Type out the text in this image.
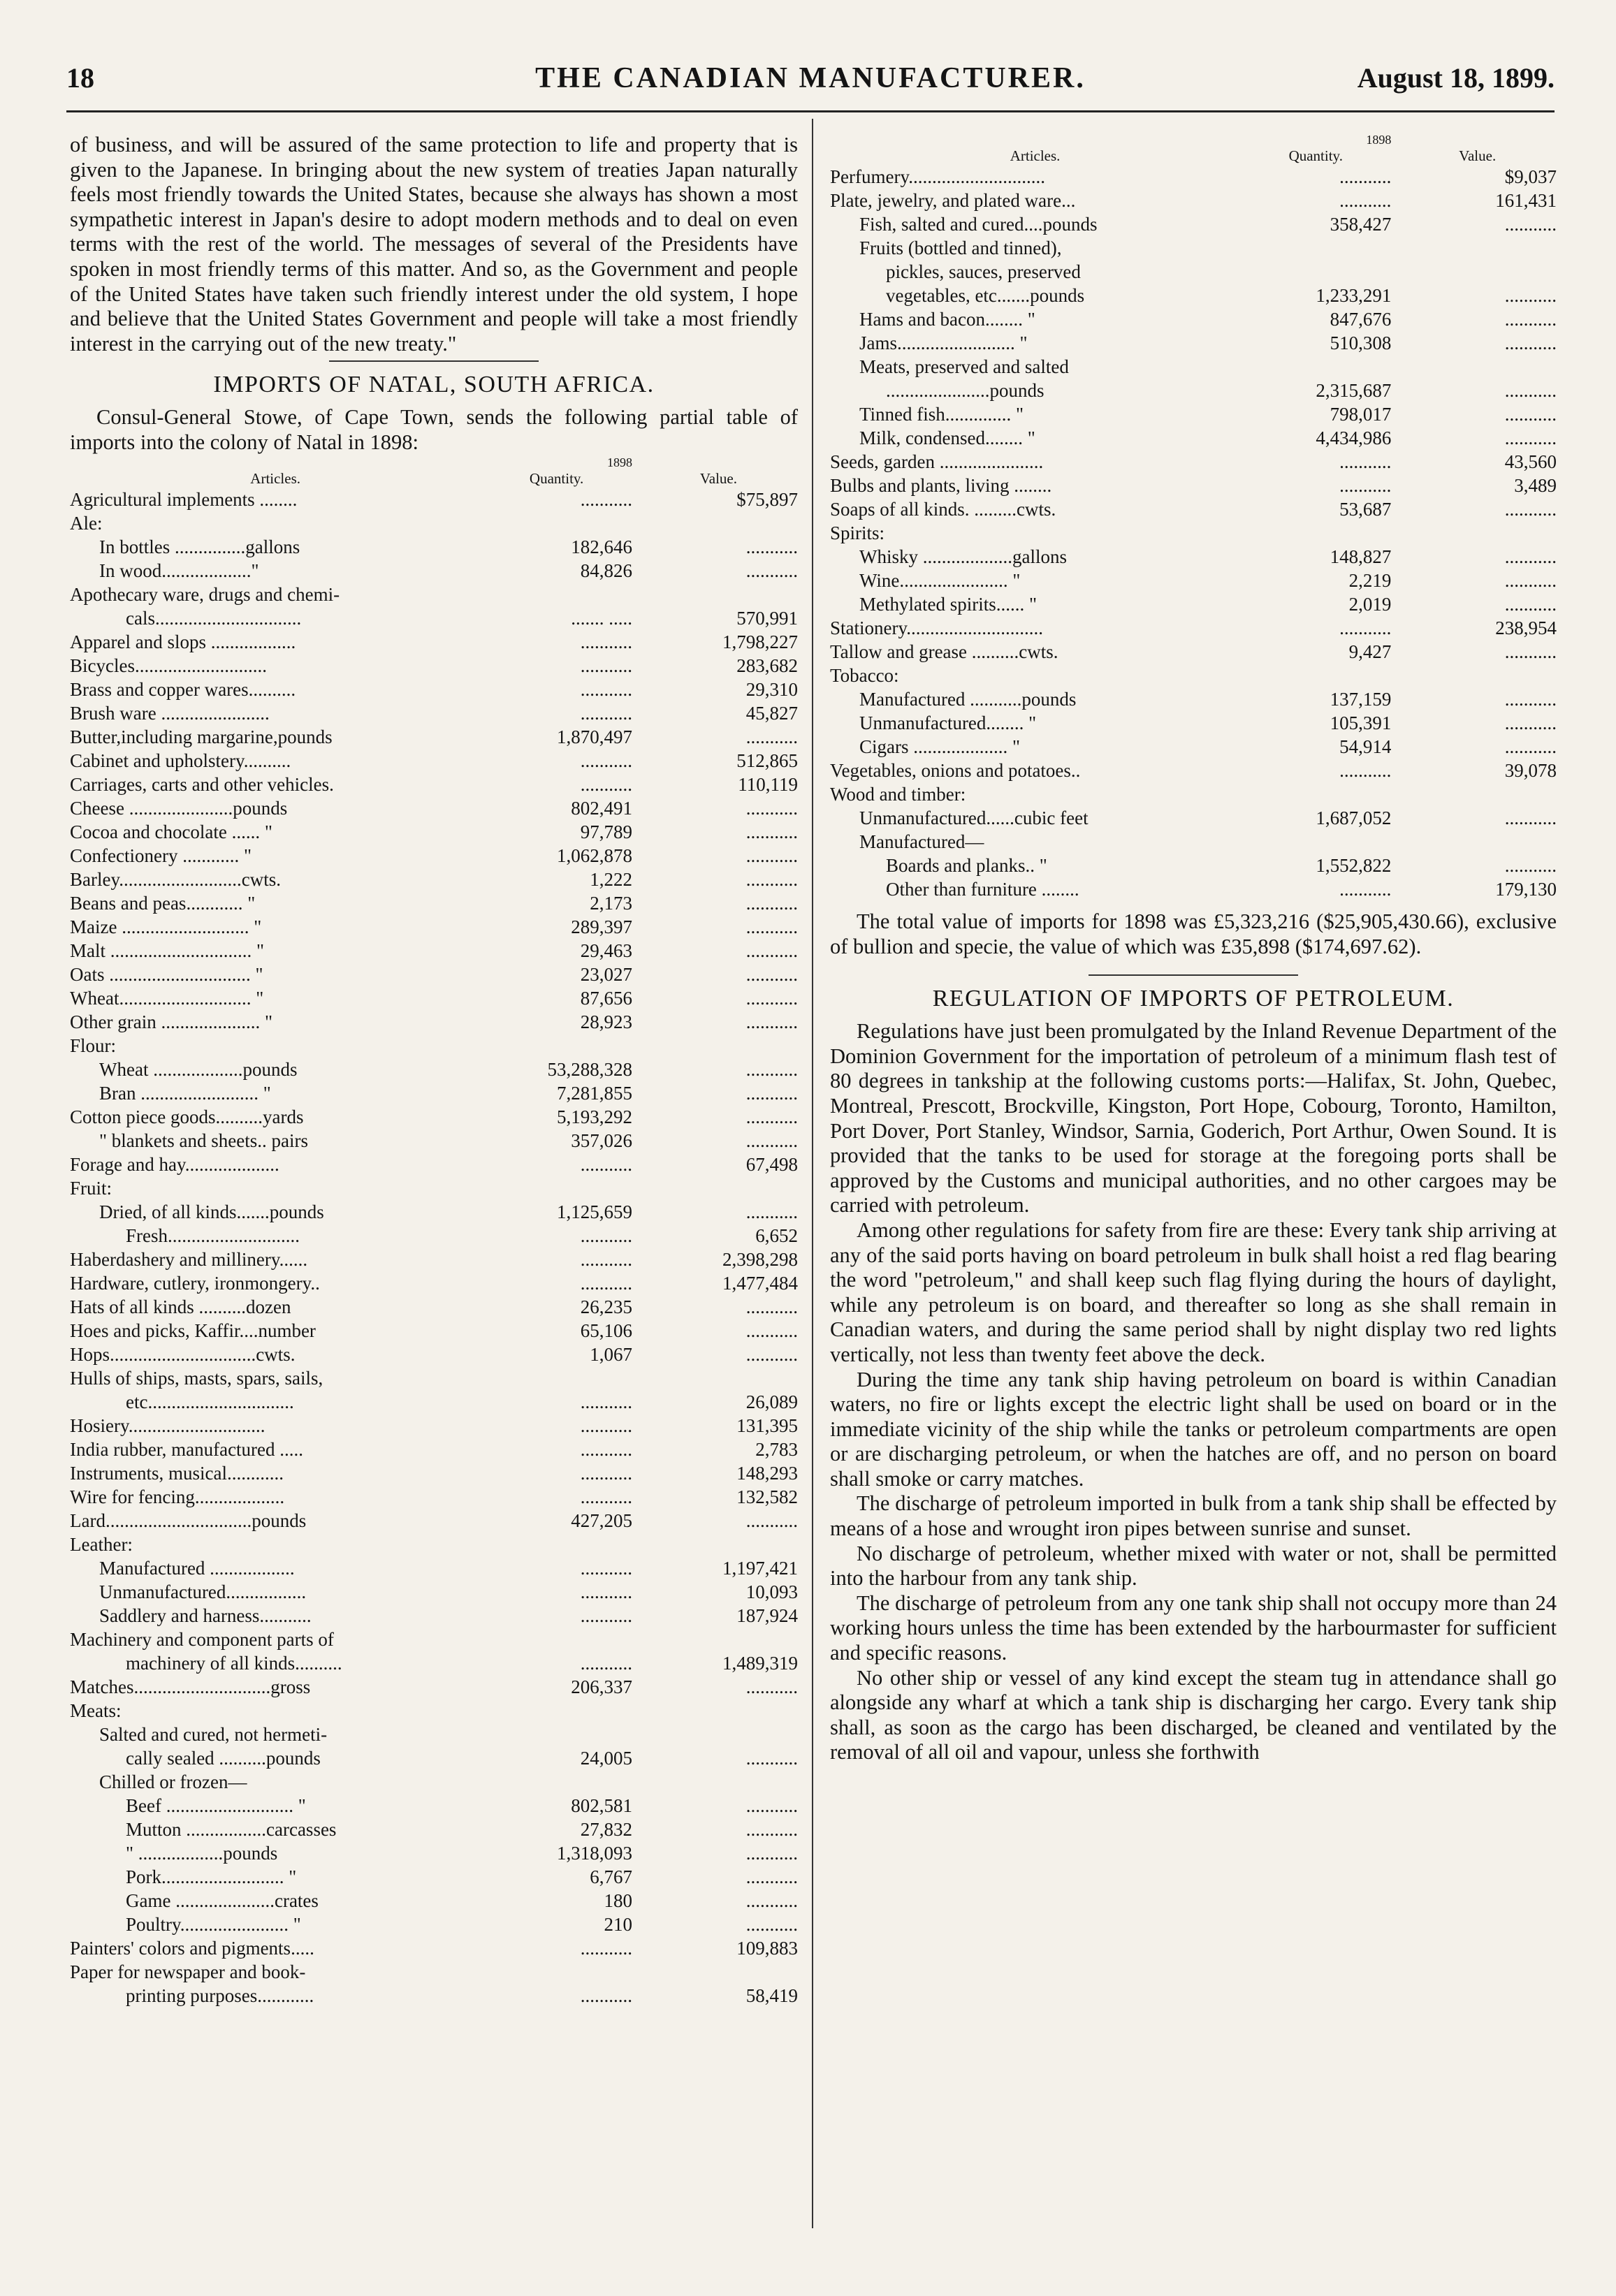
18	THE CANADIAN MANUFACTURER.	August 18, 1899.

of business, and will be assured of the same protection to life and property that is given to the Japanese. In bringing about the new system of treaties Japan naturally feels most friendly towards the United States, because she always has shown a most sympathetic interest in Japan's desire to adopt modern methods and to deal on even terms with the rest of the world. The messages of several of the Presidents have spoken in most friendly terms of this matter. And so, as the Government and people of the United States have taken such friendly interest under the old system, I hope and believe that the United States Government and people will take a most friendly interest in the carrying out of the new treaty."

IMPORTS OF NATAL, SOUTH AFRICA.

Consul-General Stowe, of Cape Town, sends the following partial table of imports into the colony of Natal in 1898:

Articles.	1898
Quantity.	Value.
Agricultural implements ........	...........	$75,897
Ale:		
In bottles ...............gallons	182,646	...........
In wood..................."	84,826	...........
Apothecary ware, drugs and chemi-		
cals...............................	....... .....	570,991
Apparel and slops ..................	...........	1,798,227
Bicycles............................	...........	283,682
Brass and copper wares..........	...........	29,310
Brush ware .......................	...........	45,827
Butter,including margarine,pounds	1,870,497	...........
Cabinet and upholstery..........	...........	512,865
Carriages, carts and other vehicles.	...........	110,119
Cheese ......................pounds	802,491	...........
Cocoa and chocolate ...... "	97,789	...........
Confectionery ............ "	1,062,878	...........
Barley..........................cwts.	1,222	...........
Beans and peas............ "	2,173	...........
Maize ........................... "	289,397	...........
Malt .............................. "	29,463	...........
Oats .............................. "	23,027	...........
Wheat............................ "	87,656	...........
Other grain ..................... "	28,923	...........
Flour:		
Wheat ...................pounds	53,288,328	...........
Bran ......................... "	7,281,855	...........
Cotton piece goods..........yards	5,193,292	...........
" blankets and sheets.. pairs	357,026	...........
Forage and hay....................	...........	67,498
Fruit:		
Dried, of all kinds.......pounds	1,125,659	...........
Fresh............................	...........	6,652
Haberdashery and millinery......	...........	2,398,298
Hardware, cutlery, ironmongery..	...........	1,477,484
Hats of all kinds ..........dozen	26,235	...........
Hoes and picks, Kaffir....number	65,106	...........
Hops...............................cwts.	1,067	...........
Hulls of ships, masts, spars, sails,		
etc...............................	...........	26,089
Hosiery.............................	...........	131,395
India rubber, manufactured .....	...........	2,783
Instruments, musical............	...........	148,293
Wire for fencing...................	...........	132,582
Lard...............................pounds	427,205	...........
Leather:		
Manufactured ..................	...........	1,197,421
Unmanufactured.................	...........	10,093
Saddlery and harness...........	...........	187,924
Machinery and component parts of		
machinery of all kinds..........	...........	1,489,319
Matches.............................gross	206,337	...........
Meats:		
Salted and cured, not hermeti-		
cally sealed ..........pounds	24,005	...........
Chilled or frozen—		
Beef ........................... "	802,581	...........
Mutton .................carcasses	27,832	...........
" ..................pounds	1,318,093	...........
Pork.......................... "	6,767	...........
Game .....................crates	180	...........
Poultry....................... "	210	...........
Painters' colors and pigments.....	...........	109,883
Paper for newspaper and book-		
printing purposes............	...........	58,419
Articles.	1898
Quantity.	Value.
Perfumery.............................	...........	$9,037
Plate, jewelry, and plated ware...	...........	161,431
Fish, salted and cured....pounds	358,427	...........
Fruits (bottled and tinned),		
pickles, sauces, preserved		
vegetables, etc.......pounds	1,233,291	...........
Hams and bacon........ "	847,676	...........
Jams......................... "	510,308	...........
Meats, preserved and salted		
......................pounds	2,315,687	...........
Tinned fish.............. "	798,017	...........
Milk, condensed........ "	4,434,986	...........
Seeds, garden ......................	...........	43,560
Bulbs and plants, living ........	...........	3,489
Soaps of all kinds. .........cwts.	53,687	...........
Spirits:		
Whisky ...................gallons	148,827	...........
Wine....................... "	2,219	...........
Methylated spirits...... "	2,019	...........
Stationery.............................	...........	238,954
Tallow and grease ..........cwts.	9,427	...........
Tobacco:		
Manufactured ...........pounds	137,159	...........
Unmanufactured........ "	105,391	...........
Cigars .................... "	54,914	...........
Vegetables, onions and potatoes..	...........	39,078
Wood and timber:		
Unmanufactured......cubic feet	1,687,052	...........
Manufactured—		
Boards and planks.. "	1,552,822	...........
Other than furniture ........	...........	179,130

The total value of imports for 1898 was £5,323,216 ($25,905,430.66), exclusive of bullion and specie, the value of which was £35,898 ($174,697.62).

REGULATION OF IMPORTS OF PETROLEUM.

Regulations have just been promulgated by the Inland Revenue Department of the Dominion Government for the importation of petroleum of a minimum flash test of 80 degrees in tankship at the following customs ports:—Halifax, St. John, Quebec, Montreal, Prescott, Brockville, Kingston, Port Hope, Cobourg, Toronto, Hamilton, Port Dover, Port Stanley, Windsor, Sarnia, Goderich, Port Arthur, Owen Sound. It is provided that the tanks to be used for storage at the foregoing ports shall be approved by the Customs and municipal authorities, and no other cargoes may be carried with petroleum.

Among other regulations for safety from fire are these: Every tank ship arriving at any of the said ports having on board petroleum in bulk shall hoist a red flag bearing the word "petroleum," and shall keep such flag flying during the hours of daylight, while any petroleum is on board, and thereafter so long as she shall remain in Canadian waters, and during the same period shall by night display two red lights vertically, not less than twenty feet above the deck.

During the time any tank ship having petroleum on board is within Canadian waters, no fire or lights except the electric light shall be used on board or in the immediate vicinity of the ship while the tanks or petroleum compartments are open or are discharging petroleum, or when the hatches are off, and no person on board shall smoke or carry matches.

The discharge of petroleum imported in bulk from a tank ship shall be effected by means of a hose and wrought iron pipes between sunrise and sunset.

No discharge of petroleum, whether mixed with water or not, shall be permitted into the harbour from any tank ship.

The discharge of petroleum from any one tank ship shall not occupy more than 24 working hours unless the time has been extended by the harbourmaster for sufficient and specific reasons.

No other ship or vessel of any kind except the steam tug in attendance shall go alongside any wharf at which a tank ship is discharging her cargo. Every tank ship shall, as soon as the cargo has been discharged, be cleaned and ventilated by the removal of all oil and vapour, unless she forthwith
